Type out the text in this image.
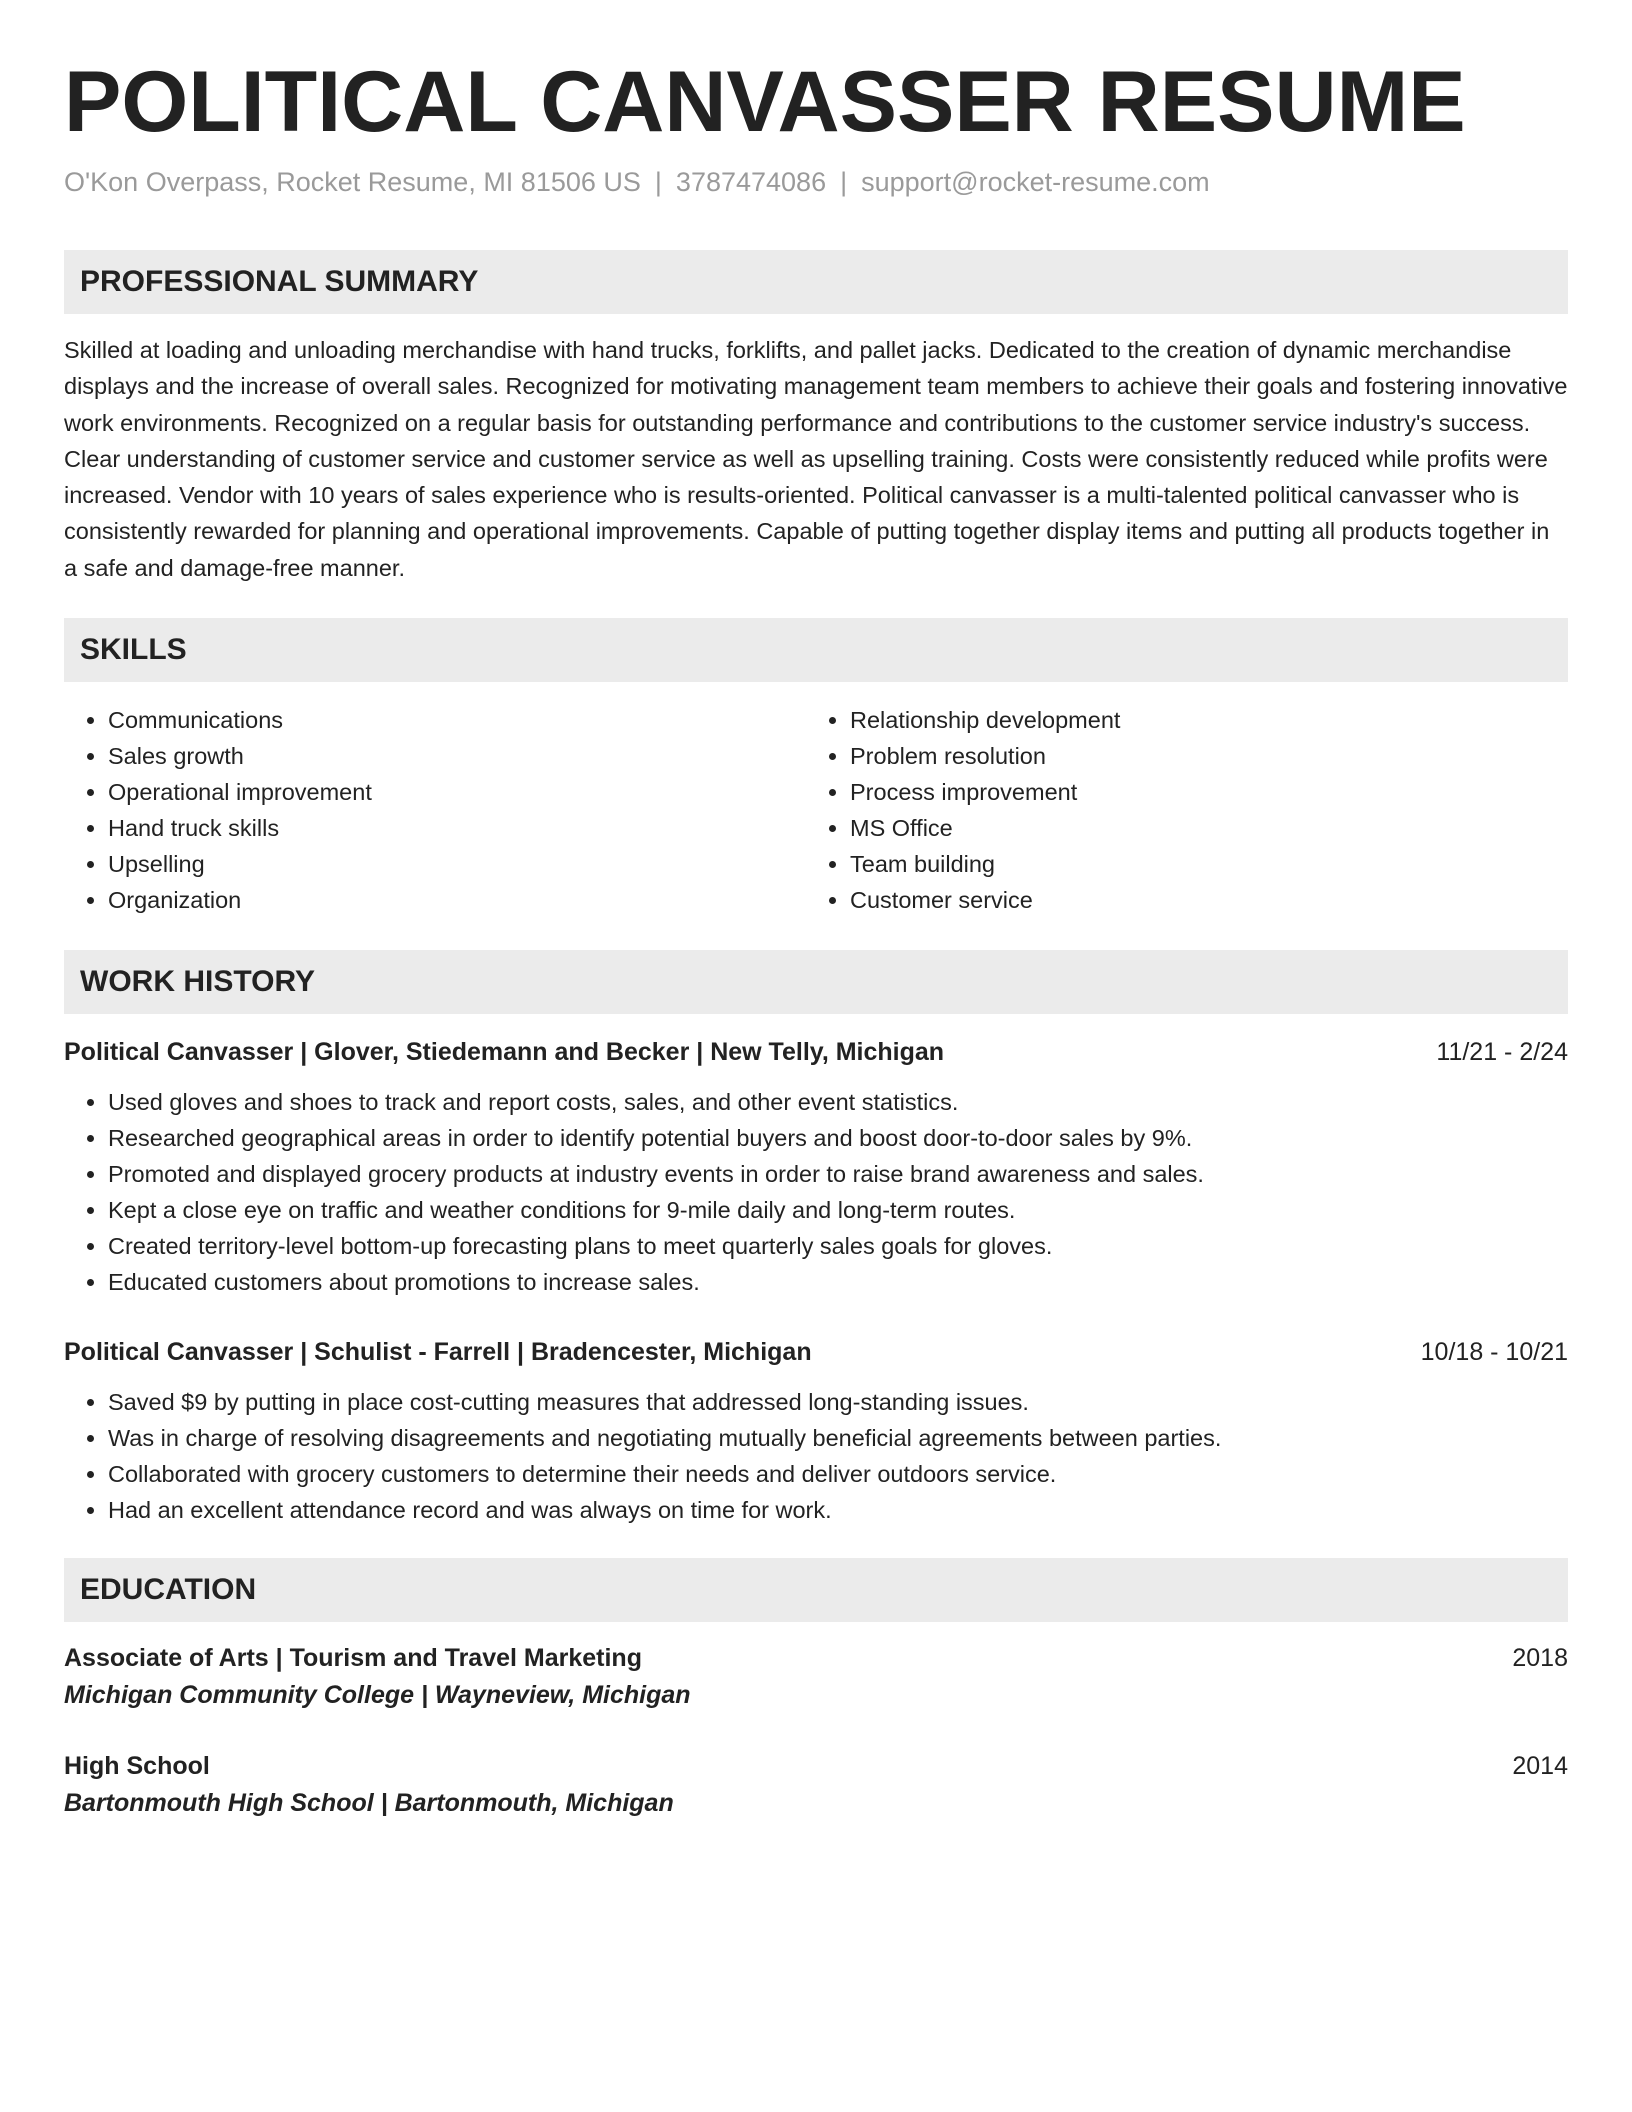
POLITICAL CANVASSER RESUME
O'Kon Overpass, Rocket Resume, MI 81506 US | 3787474086 | support@rocket-resume.com
PROFESSIONAL SUMMARY

Skilled at loading and unloading merchandise with hand trucks, forklifts, and pallet jacks. Dedicated to the creation of dynamic merchandise displays and the increase of overall sales. Recognized for motivating management team members to achieve their goals and fostering innovative work environments. Recognized on a regular basis for outstanding performance and contributions to the customer service industry's success. Clear understanding of customer service and customer service as well as upselling training. Costs were consistently reduced while profits were increased. Vendor with 10 years of sales experience who is results-oriented. Political canvasser is a multi-talented political canvasser who is consistently rewarded for planning and operational improvements. Capable of putting together display items and putting all products together in a safe and damage-free manner.

SKILLS
• Communications
• Sales growth
• Operational improvement
• Hand truck skills
• Upselling
• Organization
• Relationship development
• Problem resolution
• Process improvement
• MS Office
• Team building
• Customer service
WORK HISTORY
Political Canvasser | Glover, Stiedemann and Becker | New Telly, Michigan	11/21 - 2/24
• Used gloves and shoes to track and report costs, sales, and other event statistics.
• Researched geographical areas in order to identify potential buyers and boost door-to-door sales by 9%.
• Promoted and displayed grocery products at industry events in order to raise brand awareness and sales.
• Kept a close eye on traffic and weather conditions for 9-mile daily and long-term routes.
• Created territory-level bottom-up forecasting plans to meet quarterly sales goals for gloves.
• Educated customers about promotions to increase sales.
Political Canvasser | Schulist - Farrell | Bradencester, Michigan	10/18 - 10/21
• Saved $9 by putting in place cost-cutting measures that addressed long-standing issues.
• Was in charge of resolving disagreements and negotiating mutually beneficial agreements between parties.
• Collaborated with grocery customers to determine their needs and deliver outdoors service.
• Had an excellent attendance record and was always on time for work.
EDUCATION
Associate of Arts | Tourism and Travel Marketing	2018
Michigan Community College | Wayneview, Michigan
High School	2014
Bartonmouth High School | Bartonmouth, Michigan
